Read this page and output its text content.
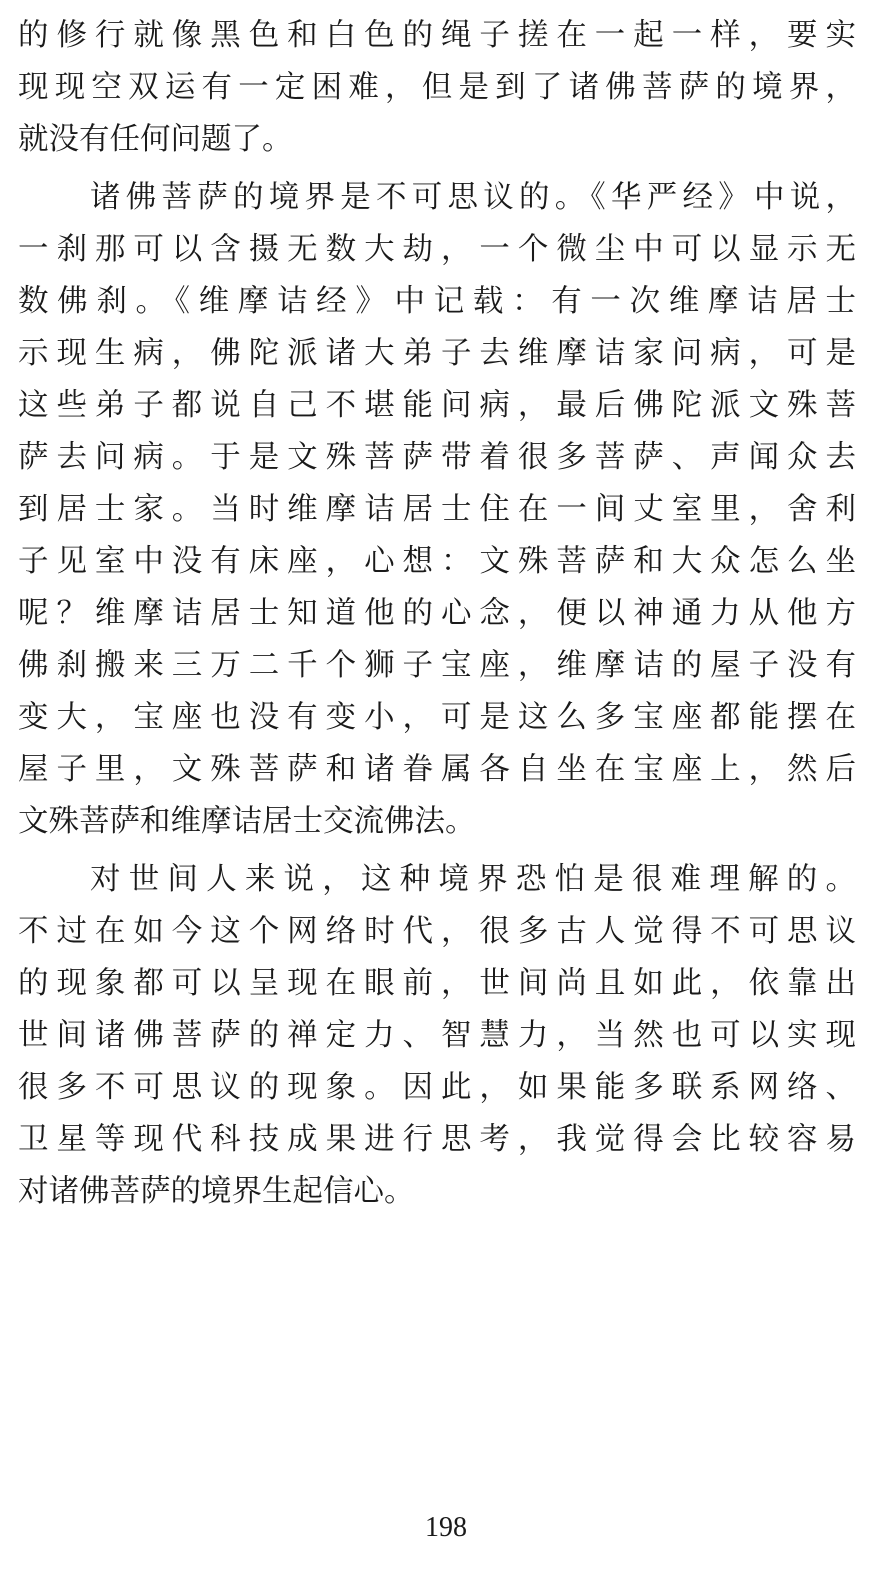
的修行就像黑色和白色的绳子搓在一起一样，要实
现现空双运有一定困难，但是到了诸佛菩萨的境界，
就没有任何问题了。
诸佛菩萨的境界是不可思议的。《华严经》中说，
一刹那可以含摄无数大劫，一个微尘中可以显示无
数佛刹。《维摩诘经》中记载：有一次维摩诘居士
示现生病，佛陀派诸大弟子去维摩诘家问病，可是
这些弟子都说自己不堪能问病，最后佛陀派文殊菩
萨去问病。于是文殊菩萨带着很多菩萨、声闻众去
到居士家。当时维摩诘居士住在一间丈室里，舍利
子见室中没有床座，心想：文殊菩萨和大众怎么坐
呢？维摩诘居士知道他的心念，便以神通力从他方
佛刹搬来三万二千个狮子宝座，维摩诘的屋子没有
变大，宝座也没有变小，可是这么多宝座都能摆在
屋子里，文殊菩萨和诸眷属各自坐在宝座上，然后
文殊菩萨和维摩诘居士交流佛法。
对世间人来说，这种境界恐怕是很难理解的。
不过在如今这个网络时代，很多古人觉得不可思议
的现象都可以呈现在眼前，世间尚且如此，依靠出
世间诸佛菩萨的禅定力、智慧力，当然也可以实现
很多不可思议的现象。因此，如果能多联系网络、
卫星等现代科技成果进行思考，我觉得会比较容易
对诸佛菩萨的境界生起信心。
198
